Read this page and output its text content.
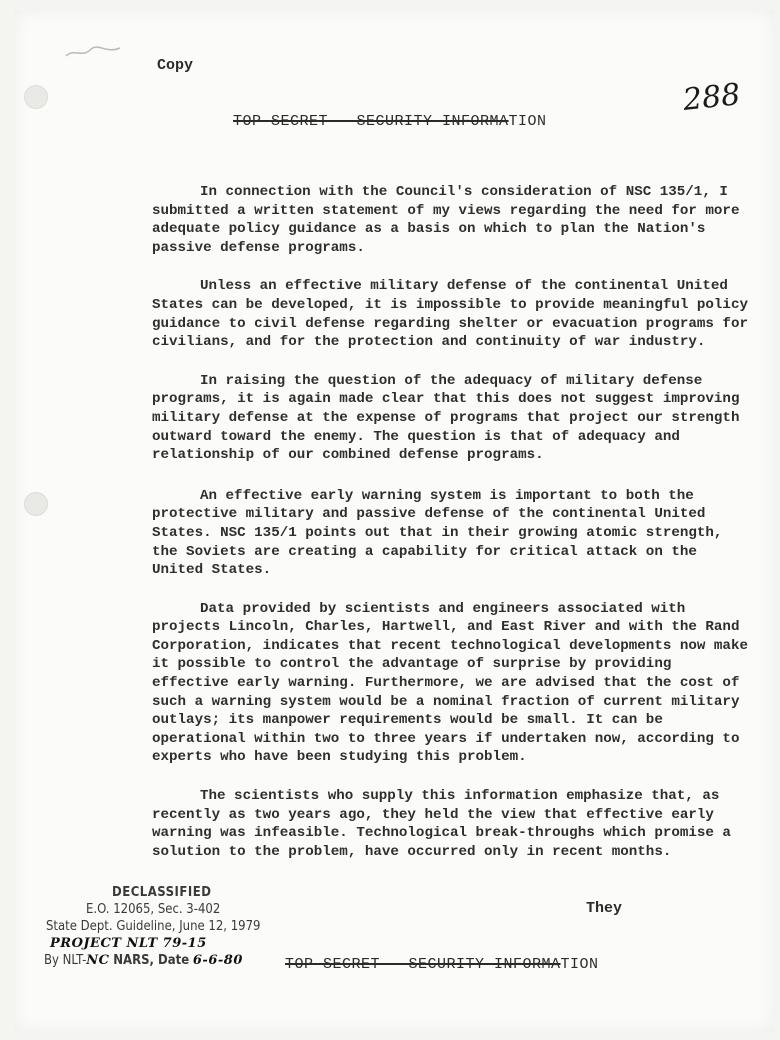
Copy
288
TOP SECRET - SECURITY INFORMATION

In connection with the Council's consideration of NSC 135/1, I submitted a written statement of my views regarding the need for more adequate policy guidance as a basis on which to plan the Nation's passive defense programs.

Unless an effective military defense of the continental United States can be developed, it is impossible to provide meaningful policy guidance to civil defense regarding shelter or evacuation programs for civilians, and for the protection and continuity of war industry.

In raising the question of the adequacy of military defense programs, it is again made clear that this does not suggest improving military defense at the expense of programs that project our strength outward toward the enemy. The question is that of adequacy and relationship of our combined defense programs.

An effective early warning system is important to both the protective military and passive defense of the continental United States. NSC 135/1 points out that in their growing atomic strength, the Soviets are creating a capability for critical attack on the United States.

Data provided by scientists and engineers associated with projects Lincoln, Charles, Hartwell, and East River and with the Rand Corporation, indicates that recent technological developments now make it possible to control the advantage of surprise by providing effective early warning. Furthermore, we are advised that the cost of such a warning system would be a nominal fraction of current military outlays; its manpower requirements would be small. It can be operational within two to three years if undertaken now, according to experts who have been studying this problem.

The scientists who supply this information emphasize that, as recently as two years ago, they held the view that effective early warning was infeasible. Technological break-throughs which promise a solution to the problem, have occurred only in recent months.

They
DECLASSIFIED
E.O. 12065, Sec. 3-402
State Dept. Guideline, June 12, 1979
PROJECT NLT 79-15
By NLT-NC NARS, Date 6-6-80	TOP SECRET - SECURITY INFORMATION
